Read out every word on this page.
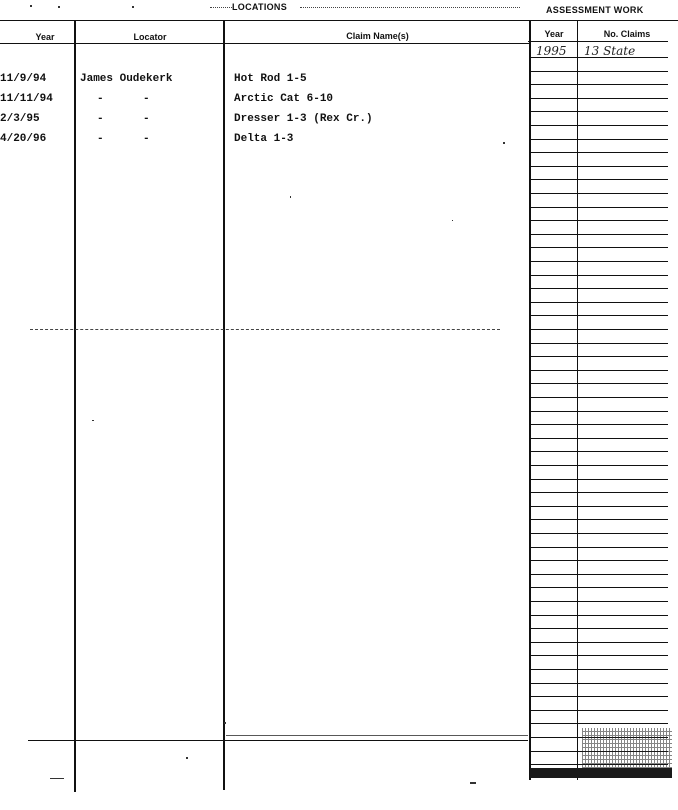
LOCATIONS	ASSESSMENT WORK
Year	Locator	Claim Name(s)	Year	No. Claims
1995 13 State
11/9/94	James Oudekerk	Hot Rod 1-5
11/11/94	-	-	Arctic Cat 6-10
2/3/95	-	-	Dresser 1-3 (Rex Cr.)
4/20/96	-	-	Delta 1-3
